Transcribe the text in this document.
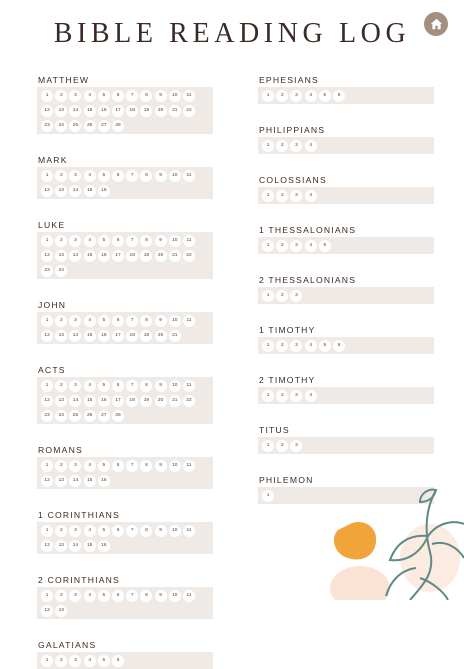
BIBLE READING LOG
MATTHEW
1	2	3	4	5	6	7	8	9	10	11
12	13	14	15	16	17	18	19	20	21	22
23	24	25	26	27	28
MARK
1	2	3	4	5	6	7	8	9	10	11
12	13	14	15	16
LUKE
1	2	3	4	5	6	7	8	9	10	11
12	13	14	15	16	17	18	19	20	21	22
23	24
JOHN
1	2	3	4	5	6	7	8	9	10	11
12	13	14	15	16	17	18	19	20	21
ACTS
1	2	3	4	5	6	7	8	9	10	11
12	13	14	15	16	17	18	19	20	21	22
23	24	25	26	27	28
ROMANS
1	2	3	4	5	6	7	8	9	10	11
12	13	14	15	16
1 CORINTHIANS
1	2	3	4	5	6	7	8	9	10	11
12	13	14	15	16
2 CORINTHIANS
1	2	3	4	5	6	7	8	9	10	11
12	13
GALATIANS
1	2	3	4	5	6
EPHESIANS
1	2	3	4	5	6
PHILIPPIANS
1	2	3	4
COLOSSIANS
1	2	3	4
1 THESSALONIANS
1	2	3	4	5
2 THESSALONIANS
1	2	3
1 TIMOTHY
1	2	3	4	5	6
2 TIMOTHY
1	2	3	4
TITUS
1	2	3
PHILEMON
1
